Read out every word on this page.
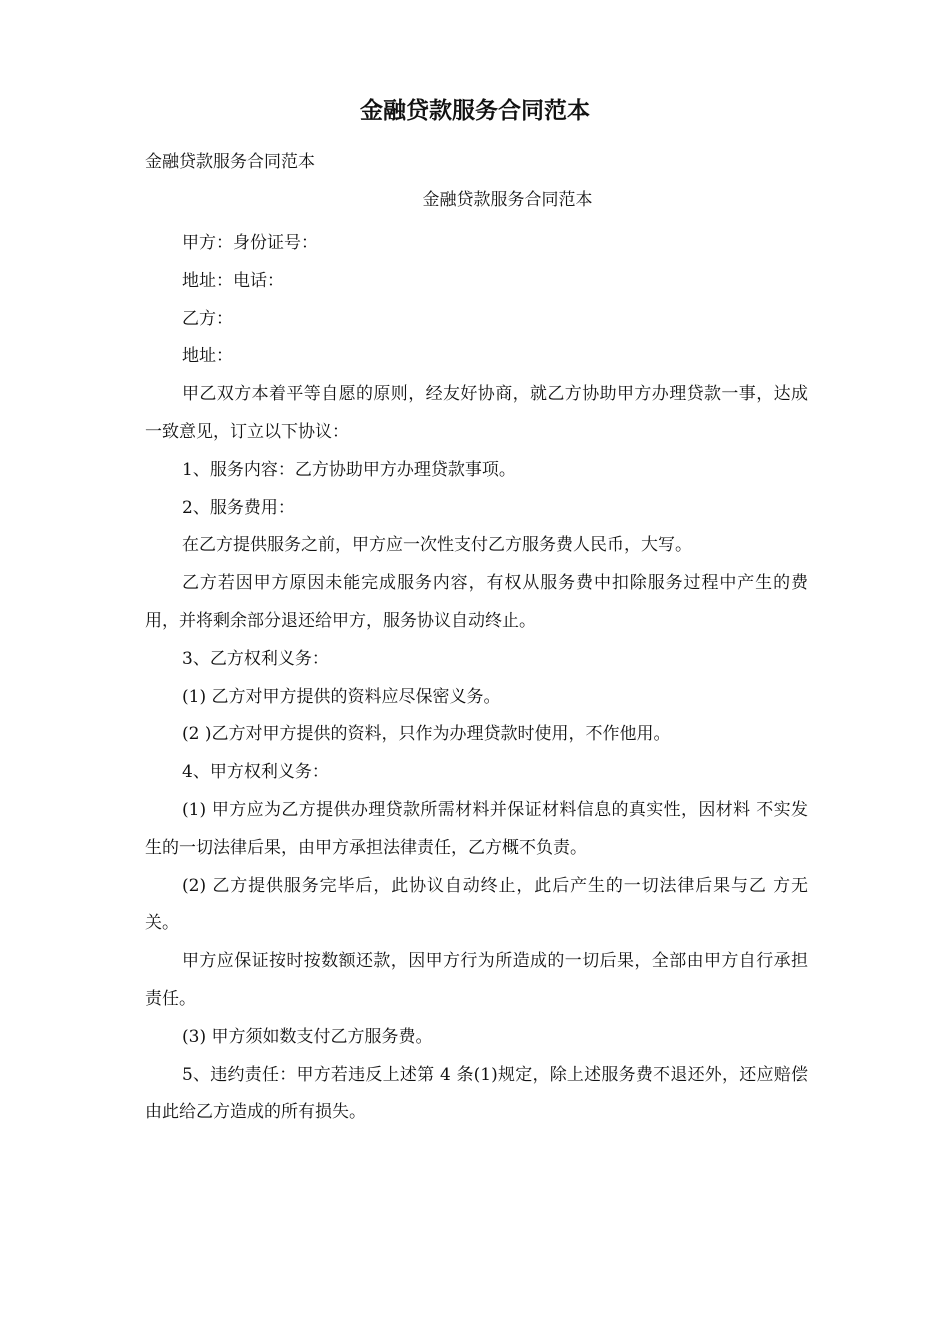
金融贷款服务合同范本
金融贷款服务合同范本
金融贷款服务合同范本

甲方：身份证号：

地址：电话：

乙方：

地址：

甲乙双方本着平等自愿的原则，经友好协商，就乙方协助甲方办理贷款一事，达成一致意见，订立以下协议：

1、服务内容：乙方协助甲方办理贷款事项。

2、服务费用：

在乙方提供服务之前，甲方应一次性支付乙方服务费人民币，大写。

乙方若因甲方原因未能完成服务内容，有权从服务费中扣除服务过程中产生的费用，并将剩余部分退还给甲方，服务协议自动终止。

3、乙方权利义务：

(1) 乙方对甲方提供的资料应尽保密义务。

(2 )乙方对甲方提供的资料，只作为办理贷款时使用，不作他用。

4、甲方权利义务：

(1) 甲方应为乙方提供办理贷款所需材料并保证材料信息的真实性，因材料 不实发生的一切法律后果，由甲方承担法律责任，乙方概不负责。

(2) 乙方提供服务完毕后，此协议自动终止，此后产生的一切法律后果与乙 方无关。

甲方应保证按时按数额还款，因甲方行为所造成的一切后果，全部由甲方自行承担责任。

(3) 甲方须如数支付乙方服务费。

5、违约责任：甲方若违反上述第 4 条(1)规定，除上述服务费不退还外，还应赔偿由此给乙方造成的所有损失。
